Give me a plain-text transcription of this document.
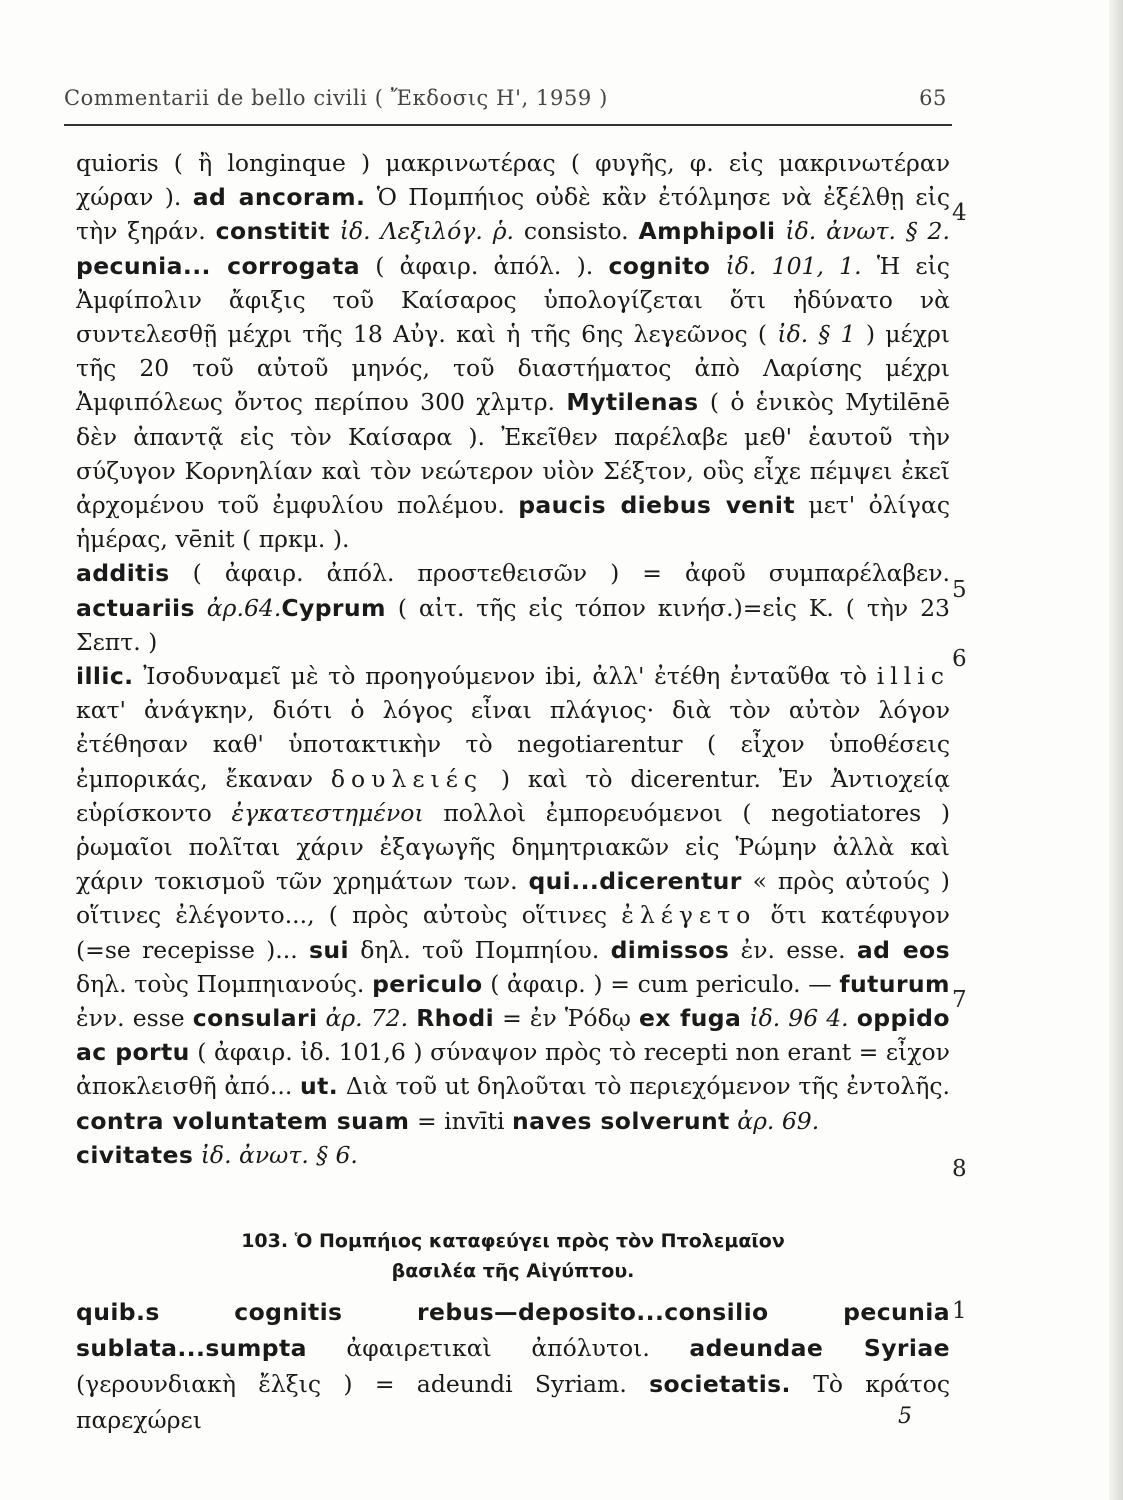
Commentarii de bello civili ( Ἔκδοσις Η', 1959 )	65

quioris ( ἢ longinque ) μακρινωτέρας ( φυγῆς, φ. εἰς μακρινωτέραν χώραν ). ad ancoram. Ὁ Πομπήιος οὐδὲ κἂν ἐτόλμησε νὰ ἐξέλθῃ εἰς τὴν ξηράν. constitit ἰδ. Λεξιλόγ. ῥ. consisto. Amphipoli ἰδ. ἀνωτ. § 2. pecunia... corrogata ( ἀφαιρ. ἀπόλ. ). cognito ἰδ. 101, 1. Ἡ εἰς Ἀμφίπολιν ἄφιξις τοῦ Καίσαρος ὑπολογίζεται ὅτι ἠδύνατο νὰ συντελεσθῇ μέχρι τῆς 18 Αὐγ. καὶ ἡ τῆς 6ης λεγεῶνος ( ἰδ. § 1 ) μέχρι τῆς 20 τοῦ αὐτοῦ μηνός, τοῦ διαστήματος ἀπὸ Λαρίσης μέχρι Ἀμφιπόλεως ὄντος περίπου 300 χλμτρ. Mytilenas ( ὁ ἑνικὸς Mytilēnē δὲν ἀπαντᾷ εἰς τὸν Καίσαρα ). Ἐκεῖθεν παρέλαβε μεθ' ἑαυτοῦ τὴν σύζυγον Κορνηλίαν καὶ τὸν νεώτερον υἱὸν Σέξτον, οὓς εἶχε πέμψει ἐκεῖ ἀρχομένου τοῦ ἐμφυλίου πολέμου. paucis diebus venit μετ' ὀλίγας ἡμέρας, vēnit ( πρκμ. ).

additis ( ἀφαιρ. ἀπόλ. προστεθεισῶν ) = ἀφοῦ συμπαρέλαβεν. actuariis ἀρ.64.Cyprum ( αἰτ. τῆς εἰς τόπον κινήσ.)=εἰς Κ. ( τὴν 23 Σεπτ. )

illic. Ἰσοδυναμεῖ μὲ τὸ προηγούμενον ibi, ἀλλ' ἐτέθη ἐνταῦθα τὸ illic κατ' ἀνάγκην, διότι ὁ λόγος εἶναι πλάγιος· διὰ τὸν αὐτὸν λόγον ἐτέθησαν καθ' ὑποτακτικὴν τὸ negotiarentur ( εἶχον ὑποθέσεις ἐμπορικάς, ἔκαναν δουλειές ) καὶ τὸ dicerentur. Ἐν Ἀντιοχείᾳ εὑρίσκοντο ἐγκατεστημένοι πολλοὶ ἐμπορευόμενοι ( negotiatores ) ῥωμαῖοι πολῖται χάριν ἐξαγωγῆς δημητριακῶν εἰς Ῥώμην ἀλλὰ καὶ χάριν τοκισμοῦ τῶν χρημάτων των. qui...dicerentur « πρὸς αὐτούς ) οἵτινες ἐλέγοντο..., ( πρὸς αὐτοὺς οἵτινες ἐλέγετο ὅτι κατέφυγον (=se recepisse )... sui δηλ. τοῦ Πομπηίου. dimissos ἐν. esse. ad eos δηλ. τοὺς Πομπηιανούς. periculo ( ἀφαιρ. ) = cum periculo. — futurum ἐνν. esse consulari ἀρ. 72. Rhodi = ἐν Ῥόδῳ ex fuga ἰδ. 96 4. oppido ac portu ( ἀφαιρ. ἰδ. 101,6 ) σύναψον πρὸς τὸ recepti non erant = εἶχον ἀποκλεισθῆ ἀπό... ut. Διὰ τοῦ ut δηλοῦται τὸ περιεχόμενον τῆς ἐντολῆς. contra voluntatem suam = invīti naves solverunt ἀρ. 69.

civitates ἰδ. ἀνωτ. § 6.

4
5
6
7
8
1
103. Ὁ Πομπήιος καταφεύγει πρὸς τὸν Πτολεμαῖον
βασιλέα τῆς Αἰγύπτου.
quib.s cognitis rebus—deposito...consilio pecunia sublata...sumpta ἀφαιρετικαὶ ἀπόλυτοι. adeundae Syriae (γερουνδιακὴ ἔλξις ) = adeundi Syriam. societatis. Τὸ κράτος παρεχώρει	5
